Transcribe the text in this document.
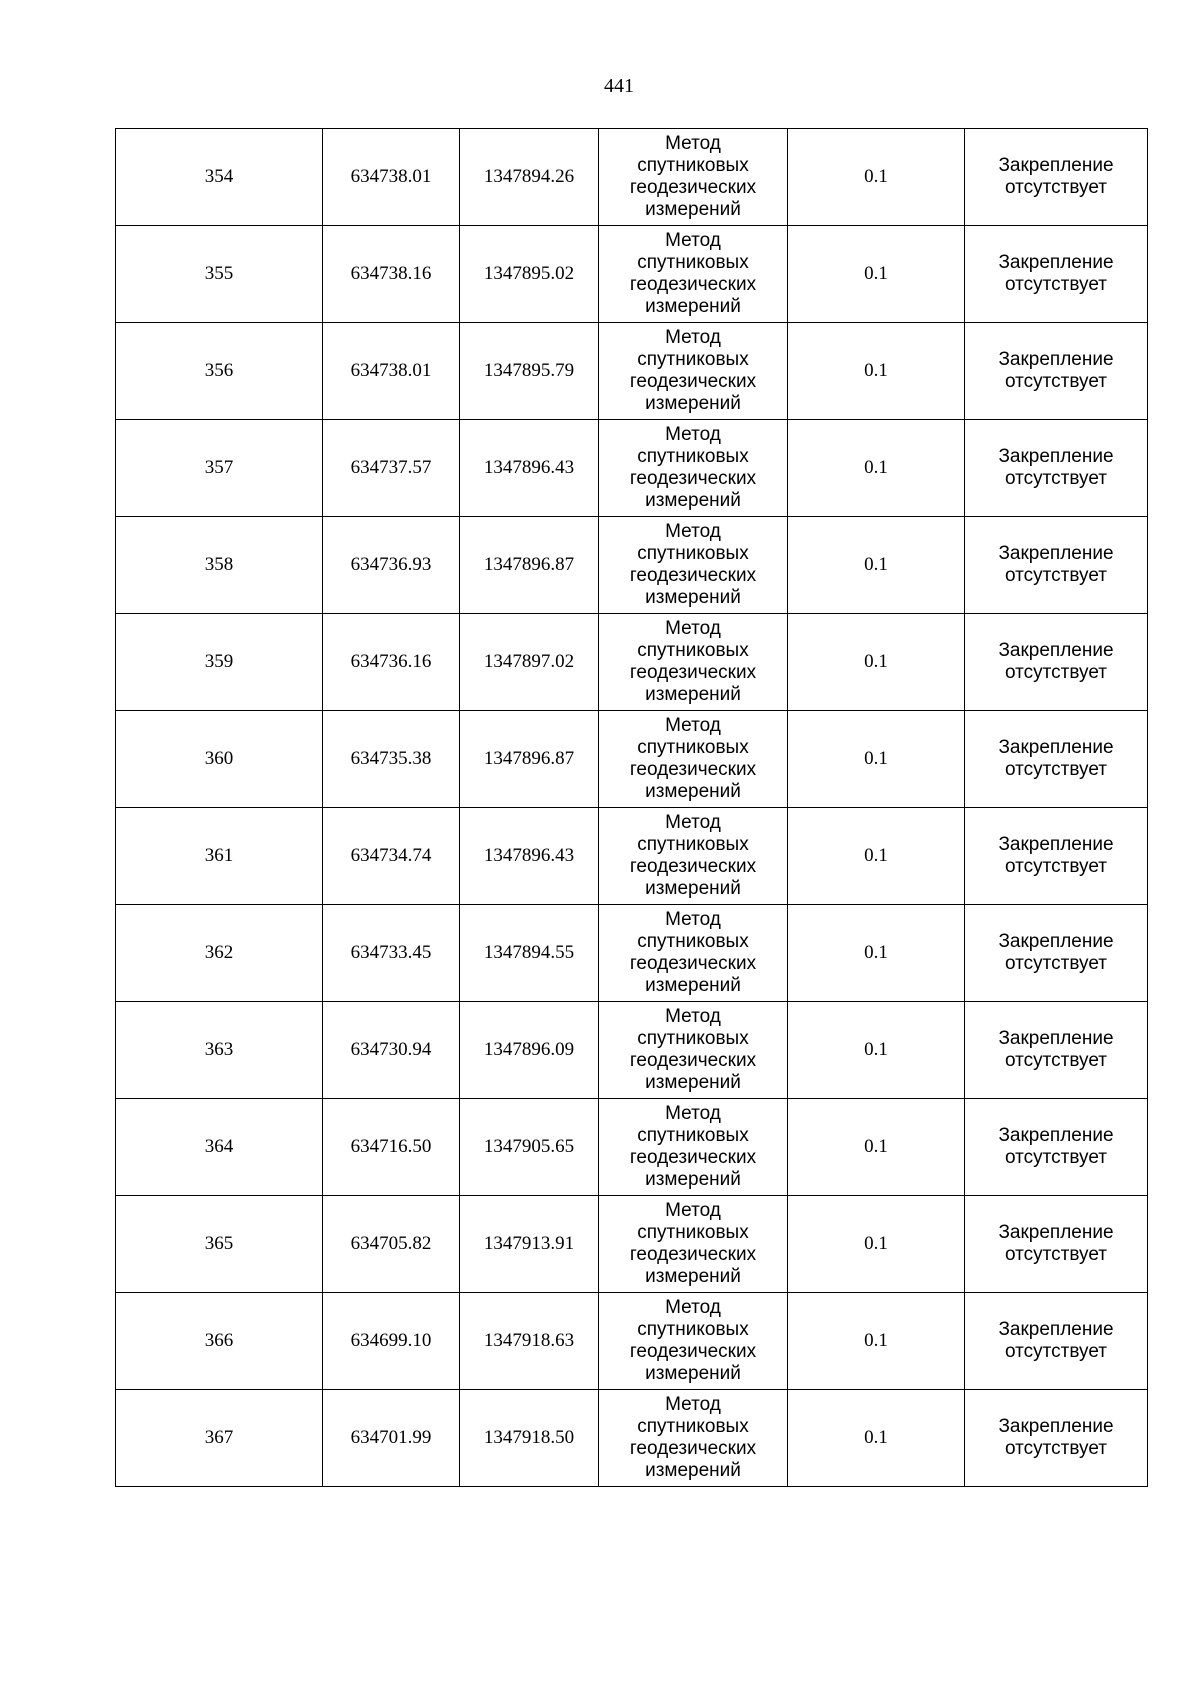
441
354	634738.01	1347894.26	Метод
спутниковых
геодезических
измерений	0.1	Закрепление
отсутствует

355	634738.16	1347895.02	Метод
спутниковых
геодезических
измерений	0.1	Закрепление
отсутствует

356	634738.01	1347895.79	Метод
спутниковых
геодезических
измерений	0.1	Закрепление
отсутствует

357	634737.57	1347896.43	Метод
спутниковых
геодезических
измерений	0.1	Закрепление
отсутствует

358	634736.93	1347896.87	Метод
спутниковых
геодезических
измерений	0.1	Закрепление
отсутствует

359	634736.16	1347897.02	Метод
спутниковых
геодезических
измерений	0.1	Закрепление
отсутствует

360	634735.38	1347896.87	Метод
спутниковых
геодезических
измерений	0.1	Закрепление
отсутствует

361	634734.74	1347896.43	Метод
спутниковых
геодезических
измерений	0.1	Закрепление
отсутствует

362	634733.45	1347894.55	Метод
спутниковых
геодезических
измерений	0.1	Закрепление
отсутствует

363	634730.94	1347896.09	Метод
спутниковых
геодезических
измерений	0.1	Закрепление
отсутствует

364	634716.50	1347905.65	Метод
спутниковых
геодезических
измерений	0.1	Закрепление
отсутствует

365	634705.82	1347913.91	Метод
спутниковых
геодезических
измерений	0.1	Закрепление
отсутствует

366	634699.10	1347918.63	Метод
спутниковых
геодезических
измерений	0.1	Закрепление
отсутствует

367	634701.99	1347918.50	Метод
спутниковых
геодезических
измерений	0.1	Закрепление
отсутствует
